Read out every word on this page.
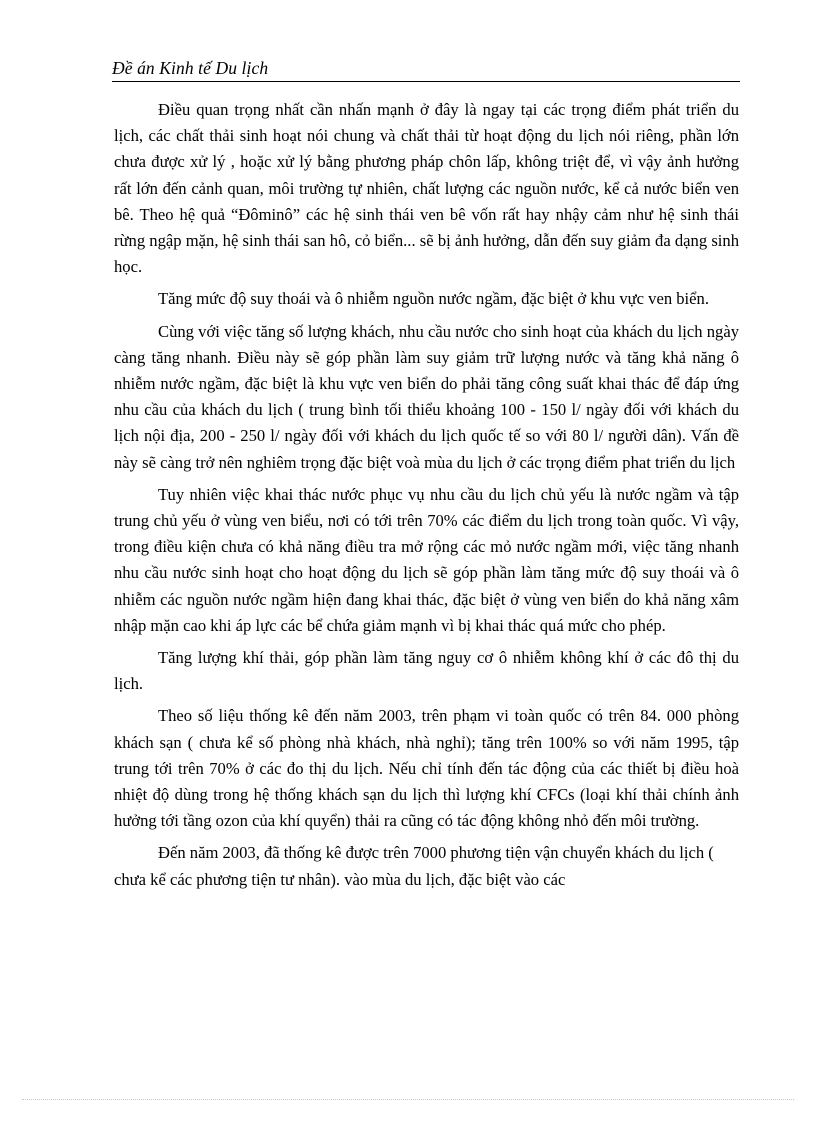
Đề án Kinh tế Du lịch

Điều quan trọng nhất cần nhấn mạnh ở đây là ngay tại các trọng điểm phát triển du lịch, các chất thải sinh hoạt nói chung và chất thải từ hoạt động du lịch nói riêng, phần lớn chưa được xử lý , hoặc xử lý bằng phương pháp chôn lấp, không triệt để, vì vậy ảnh hưởng rất lớn đến cảnh quan, môi trường tự nhiên, chất lượng các nguồn nước, kể cả nước biển ven bê. Theo hệ quả “Đôminô” các hệ sinh thái ven bê vốn rất hay nhậy cảm như hệ sinh thái rừng ngập mặn, hệ sinh thái san hô, cỏ biển... sẽ bị ảnh hưởng, dẫn đến suy giảm đa dạng sinh học.

Tăng mức độ suy thoái và ô nhiễm nguồn nước ngầm, đặc biệt ở khu vực ven biển.

Cùng với việc tăng số lượng khách, nhu cầu nước cho sinh hoạt của khách du lịch ngày càng tăng nhanh. Điều này sẽ góp phần làm suy giảm trữ lượng nước và tăng khả năng ô nhiễm nước ngầm, đặc biệt là khu vực ven biển do phải tăng công suất khai thác để đáp ứng nhu cầu của khách du lịch ( trung bình tối thiểu khoảng 100 - 150 l/ ngày đối với khách du lịch nội địa, 200 - 250 l/ ngày đối với khách du lịch quốc tế so với 80 l/ người dân). Vấn đề này sẽ càng trở nên nghiêm trọng đặc biệt voà mùa du lịch ở các trọng điểm phat triển du lịch

Tuy nhiên việc khai thác nước phục vụ nhu cầu du lịch chủ yếu là nước ngầm và tập trung chủ yếu ở vùng ven biểu, nơi có tới trên 70% các điểm du lịch trong toàn quốc. Vì vậy, trong điều kiện chưa có khả năng điều tra mở rộng các mỏ nước ngầm mới, việc tăng nhanh nhu cầu nước sinh hoạt cho hoạt động du lịch sẽ góp phần làm tăng mức độ suy thoái và ô nhiễm các nguồn nước ngầm hiện đang khai thác, đặc biệt ở vùng ven biển do khả năng xâm nhập mặn cao khi áp lực các bể chứa giảm mạnh vì bị khai thác quá mức cho phép.

Tăng lượng khí thải, góp phần làm tăng nguy cơ ô nhiễm không khí ở các đô thị du lịch.

Theo số liệu thống kê đến năm 2003, trên phạm vi toàn quốc có trên 84. 000 phòng khách sạn ( chưa kể số phòng nhà khách, nhà nghỉ); tăng trên 100% so với năm 1995, tập trung tới trên 70% ở các đo thị du lịch. Nếu chỉ tính đến tác động của các thiết bị điều hoà nhiệt độ dùng trong hệ thống khách sạn du lịch thì lượng khí CFCs (loại khí thải chính ảnh hưởng tới tầng ozon của khí quyển) thải ra cũng có tác động không nhỏ đến môi trường.

Đến năm 2003, đã thống kê được trên 7000 phương tiện vận chuyển khách du lịch ( chưa kể các phương tiện tư nhân). vào mùa du lịch, đặc biệt vào các
